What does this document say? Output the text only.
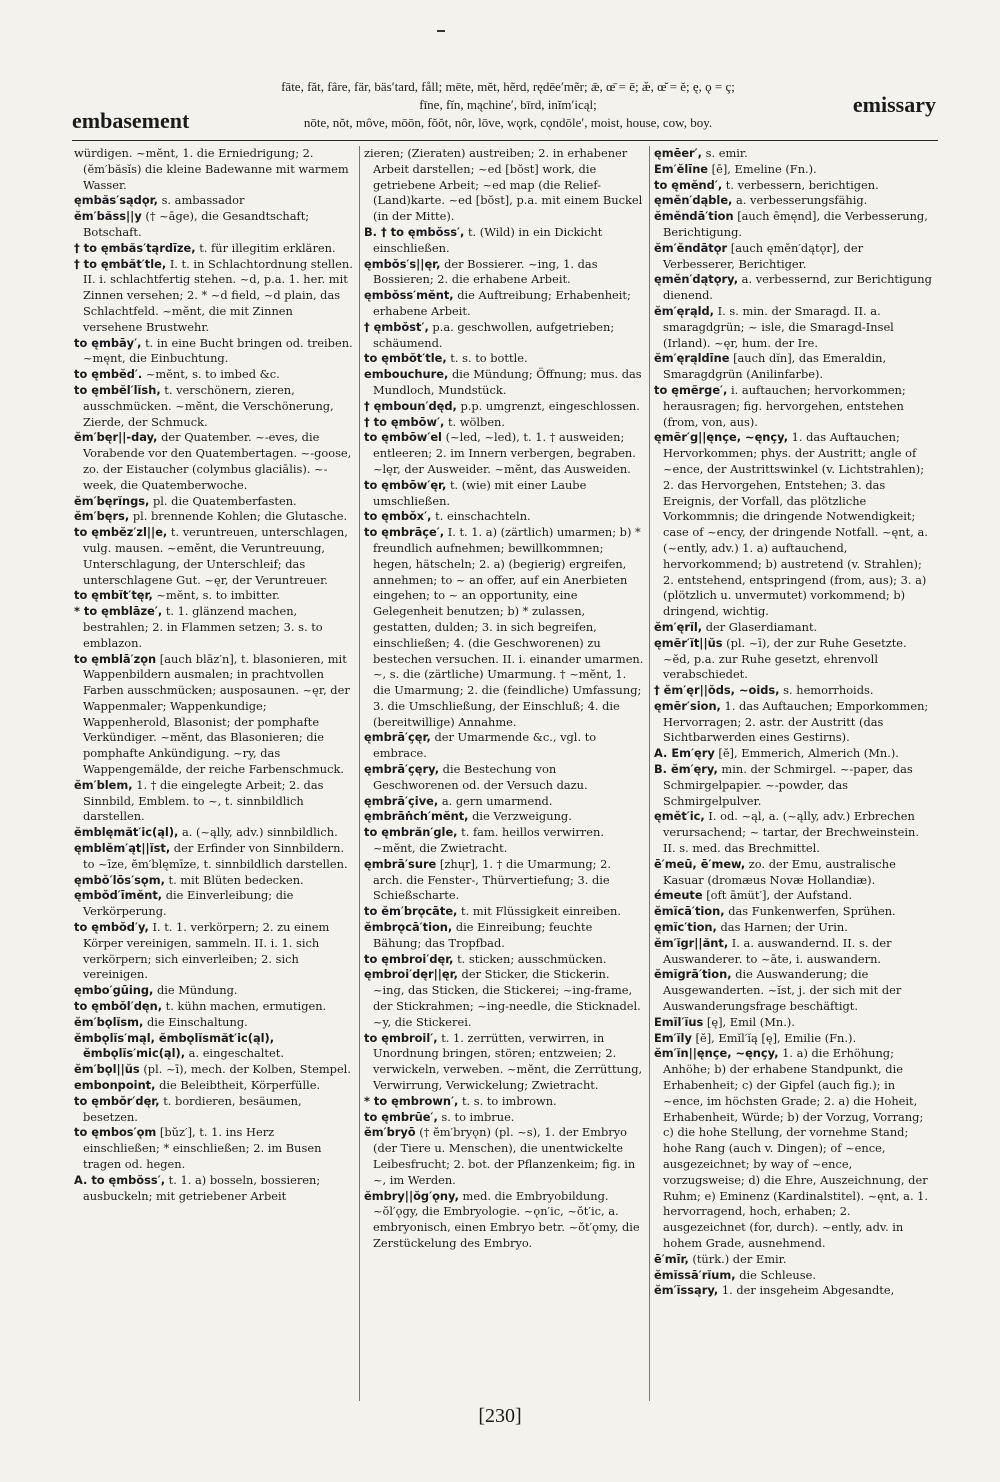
embasement
fāte, făt, fâre, fär, bäs′tard, fåll; mēte, mĕt, hẽrd, rędēe′mẽr; ǣ, œ̄ = ē; æ̆, œ̆ = ĕ; ę, ǫ = ç;
fīne, fĭn, mąchine′, bīrd, inĭm′icąl;
nōte, nŏt, môve, mōōn, fŏŏt, nôr, lōve, wǫrk, cǫndōle′, moist, house, cow, boy.
emissary

würdigen. ~mĕnt, 1. die Erniedrigung; 2. (ĕm′băsĭs) die kleine Badewanne mit warmem Wasser.

ęmbăs′sądǫr, s. ambassador

ĕm′băss||y († ~āge), die Gesandtschaft; Botschaft.

† to ęmbăs′tąrdīze, t. für illegitim erklären.

† to ęmbăt′tle, I. t. in Schlachtordnung stellen. II. i. schlachtfertig stehen. ~d, p.a. 1. her. mit Zinnen versehen; 2. * ~d field, ~d plain, das Schlachtfeld. ~mĕnt, die mit Zinnen versehene Brustwehr.

to ęmbāy′, t. in eine Bucht bringen od. treiben. ~męnt, die Einbuchtung.

to ęmbĕd′. ~mĕnt, s. to imbed &c.

to ęmbĕl′lĭsh, t. verschönern, zieren, ausschmücken. ~mĕnt, die Verschönerung, Zierde, der Schmuck.

ĕm′bęr||-day, der Quatember. ~-eves, die Vorabende vor den Quatembertagen. ~-goose, zo. der Eistaucher (colymbus glaciālis). ~-week, die Quatemberwoche.

ĕm′bęrĭngs, pl. die Quatemberfasten.

ĕm′bęrs, pl. brennende Kohlen; die Glutasche.

to ęmbĕz′zl||e, t. veruntreuen, unterschlagen, vulg. mausen. ~emĕnt, die Veruntreuung, Unterschlagung, der Unterschleif; das unterschlagene Gut. ~ęr, der Veruntreuer.

to ęmbĭt′tęr, ~mĕnt, s. to imbitter.

* to ęmblāze′, t. 1. glänzend machen, bestrahlen; 2. in Flammen setzen; 3. s. to emblazon.

to ęmblā′zǫn [auch blāz′n], t. blasonieren, mit Wappenbildern ausmalen; in prachtvollen Farben ausschmücken; ausposaunen. ~ęr, der Wappenmaler; Wappenkundige; Wappenherold, Blasonist; der pomphafte Verkündiger. ~mĕnt, das Blasonieren; die pomphafte Ankündigung. ~ry, das Wappengemälde, der reiche Farbenschmuck.

ĕm′blem, 1. † die eingelegte Arbeit; 2. das Sinnbild, Emblem. to ~, t. sinnbildlich darstellen.

ĕmblęmăt′ic(ąl), a. (~ąlly, adv.) sinnbildlich.

ęmblĕm′ąt||ĭst, der Erfinder von Sinnbildern. to ~īze, ĕm′blęmīze, t. sinnbildlich darstellen.

ęmbŏ′lōs′sǫm, t. mit Blüten bedecken.

ęmbŏd′īmĕnt, die Einverleibung; die Verkörperung.

to ęmbŏd′y, I. t. 1. verkörpern; 2. zu einem Körper vereinigen, sammeln. II. i. 1. sich verkörpern; sich einverleiben; 2. sich vereinigen.

ęmbo′gūing, die Mündung.

to ęmbŏl′dęn, t. kühn machen, ermutigen.

ĕm′bǫlĭsm, die Einschaltung.

ĕmbǫlĭs′mąl, ĕmbǫlĭsmăt′ic(ąl), ĕmbǫlĭs′mic(ąl), a. eingeschaltet.

ĕm′bǫl||ŭs (pl. ~ī), mech. der Kolben, Stempel.

embonpoint, die Beleibtheit, Körperfülle.

to ęmbŏr′dęr, t. bordieren, besäumen, besetzen.

to ęmbos′ǫm [bŭz′], t. 1. ins Herz einschließen; * einschließen; 2. im Busen tragen od. hegen.

A. to ęmbŏss′, t. 1. a) bosseln, bossieren; ausbuckeln; mit getriebener Arbeit

zieren; (Zieraten) austreiben; 2. in erhabener Arbeit darstellen; ~ed [bŏst] work, die getriebene Arbeit; ~ed map (die Relief-(Land)karte. ~ed [bŏst], p.a. mit einem Buckel (in der Mitte).

B. † to ęmbŏss′, t. (Wild) in ein Dickicht einschließen.

ęmbŏs′s||ęr, der Bossierer. ~ing, 1. das Bossieren; 2. die erhabene Arbeit.

ęmbŏss′mĕnt, die Auftreibung; Erhabenheit; erhabene Arbeit.

† ęmbŏst′, p.a. geschwollen, aufgetrieben; schäumend.

to ęmbŏt′tle, t. s. to bottle.

embouchure, die Mündung; Öffnung; mus. das Mundloch, Mundstück.

† ęmboun′dęd, p.p. umgrenzt, eingeschlossen.

† to ęmbōw′, t. wölben.

to ęmbōw′el (~led, ~led), t. 1. † ausweiden; entleeren; 2. im Innern verbergen, begraben. ~lęr, der Ausweider. ~mĕnt, das Ausweiden.

to ęmbōw′ęr, t. (wie) mit einer Laube umschließen.

to ęmbŏx′, t. einschachteln.

to ęmbrāçe′, I. t. 1. a) (zärtlich) umarmen; b) * freundlich aufnehmen; bewillkommnen; hegen, hätscheln; 2. a) (begierig) ergreifen, annehmen; to ~ an offer, auf ein Anerbieten eingehen; to ~ an opportunity, eine Gelegenheit benutzen; b) * zulassen, gestatten, dulden; 3. in sich begreifen, einschließen; 4. (die Geschworenen) zu bestechen versuchen. II. i. einander umarmen. ~, s. die (zärtliche) Umarmung. † ~mĕnt, 1. die Umarmung; 2. die (feindliche) Umfassung; 3. die Umschließung, der Einschluß; 4. die (bereitwillige) Annahme.

ęmbrā′çęr, der Umarmende &c., vgl. to embrace.

ęmbrā′çęry, die Bestechung von Geschworenen od. der Versuch dazu.

ęmbrā′çive, a. gern umarmend.

ęmbrāṅch′mĕnt, die Verzweigung.

to ęmbrăn′gle, t. fam. heillos verwirren. ~mĕnt, die Zwietracht.

ęmbrā′sure [zhųr], 1. † die Umarmung; 2. arch. die Fenster-, Thürvertiefung; 3. die Schießscharte.

to ĕm′brǫcāte, t. mit Flüssigkeit einreiben.

ĕmbrǫcā′tion, die Einreibung; feuchte Bähung; das Tropfbad.

to ęmbroi′dęr, t. sticken; ausschmücken.

ęmbroi′dęr||ęr, der Sticker, die Stickerin. ~ing, das Sticken, die Stickerei; ~ing-frame, der Stickrahmen; ~ing-needle, die Sticknadel. ~y, die Stickerei.

to ęmbroil′, t. 1. zerrütten, verwirren, in Unordnung bringen, stören; entzweien; 2. verwickeln, verweben. ~mĕnt, die Zerrüttung, Verwirrung, Verwickelung; Zwietracht.

* to ęmbrown′, t. s. to imbrown.

to ęmbrūe′, s. to imbrue.

ĕm′bryō († ĕm′bryǫn) (pl. ~s), 1. der Embryo (der Tiere u. Menschen), die unentwickelte Leibesfrucht; 2. bot. der Pflanzenkeim; fig. in ~, im Werden.

ĕmbry||ŏg′ǫny, med. die Embryobildung. ~ŏl′ǫgy, die Embryologie. ~ǫn′ic, ~ŏt′ic, a. embryonisch, einen Embryo betr. ~ŏt′ǫmy, die Zerstückelung des Embryo.

ęmēer′, s. emir.

Em′ĕlīne [ē], Emeline (Fn.).

to ęmĕnd′, t. verbessern, berichtigen.

ęmĕn′dąble, a. verbesserungsfähig.

ĕmĕndā′tion [auch ēmęnd], die Verbesserung, Berichtigung.

ĕm′ĕndātǫr [auch ęmĕn′dątǫr], der Verbesserer, Berichtiger.

ęmĕn′dątǫry, a. verbessernd, zur Berichtigung dienend.

ĕm′ęrąld, I. s. min. der Smaragd. II. a. smaragdgrün; ~ isle, die Smaragd-Insel (Irland). ~ęr, hum. der Ire.

ĕm′ęrąldīne [auch dĭn], das Emeraldin, Smaragdgrün (Anilinfarbe).

to ęmẽrge′, i. auftauchen; hervorkommen; herausragen; fig. hervorgehen, entstehen (from, von, aus).

ęmẽr′g||ęnçe, ~ęnçy, 1. das Auftauchen; Hervorkommen; phys. der Austritt; angle of ~ence, der Austrittswinkel (v. Lichtstrahlen); 2. das Hervorgehen, Entstehen; 3. das Ereignis, der Vorfall, das plötzliche Vorkommnis; die dringende Notwendigkeit; case of ~ency, der dringende Notfall. ~ęnt, a. (~ently, adv.) 1. a) auftauchend, hervorkommend; b) austretend (v. Strahlen); 2. entstehend, entspringend (from, aus); 3. a) (plötzlich u. unvermutet) vorkommend; b) dringend, wichtig.

ĕm′ęrĭl, der Glaserdiamant.

ęmẽr′ĭt||ŭs (pl. ~ī), der zur Ruhe Gesetzte. ~ĕd, p.a. zur Ruhe gesetzt, ehrenvoll verabschiedet.

† ĕm′ęr||ŏds, ~oids, s. hemorrhoids.

ęmẽr′sion, 1. das Auftauchen; Emporkommen; Hervorragen; 2. astr. der Austritt (das Sichtbarwerden eines Gestirns).

A. Em′ęry [ĕ], Emmerich, Almerich (Mn.).

B. ĕm′ęry, min. der Schmirgel. ~-paper, das Schmirgelpapier. ~-powder, das Schmirgelpulver.

ęmĕt′ic, I. od. ~ąl, a. (~ąlly, adv.) Erbrechen verursachend; ~ tartar, der Brechweinstein. II. s. med. das Brechmittel.

ē′meū, ē′mew, zo. der Emu, australische Kasuar (dromæus Novæ Hollandiæ).

émeute [oft āmüt′], der Aufstand.

ĕmĭcā′tion, das Funkenwerfen, Sprühen.

ęmĭc′tion, das Harnen; der Urin.

ĕm′ĭgr||ănt, I. a. auswandernd. II. s. der Auswanderer. to ~āte, i. auswandern.

ĕmĭgrā′tion, die Auswanderung; die Ausgewanderten. ~ĭst, j. der sich mit der Auswanderungsfrage beschäftigt.

Emĭl′ĭus [ę], Emil (Mn.).

Em′ĭly [ĕ], Emĭl′ĭą [ę], Emilie (Fn.).

ĕm′ĭn||ęnçe, ~ęnçy, 1. a) die Erhöhung; Anhöhe; b) der erhabene Standpunkt, die Erhabenheit; c) der Gipfel (auch fig.); in ~ence, im höchsten Grade; 2. a) die Hoheit, Erhabenheit, Würde; b) der Vorzug, Vorrang; c) die hohe Stellung, der vornehme Stand; hohe Rang (auch v. Dingen); of ~ence, ausgezeichnet; by way of ~ence, vorzugsweise; d) die Ehre, Auszeichnung, der Ruhm; e) Eminenz (Kardinalstitel). ~ęnt, a. 1. hervorragend, hoch, erhaben; 2. ausgezeichnet (for, durch). ~ently, adv. in hohem Grade, ausnehmend.

ē′mīr, (türk.) der Emir.

ĕmĭssā′rĭum, die Schleuse.

ĕm′ĭssąry, 1. der insgeheim Abgesandte,

[230]
